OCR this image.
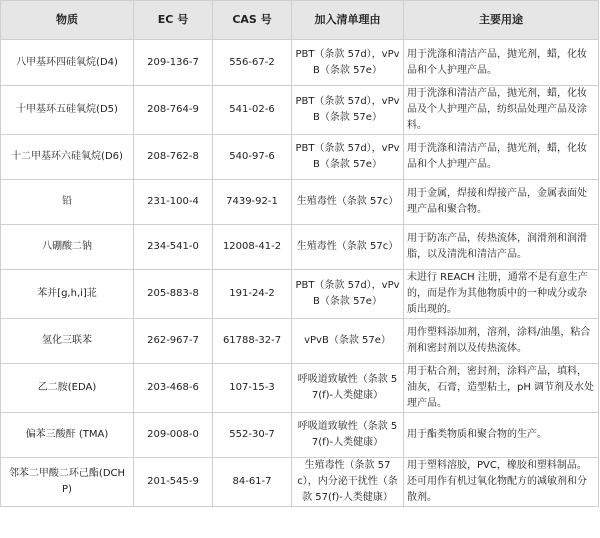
物质	EC 号	CAS 号	加入清单理由	主要用途
八甲基环四硅氧烷(D4)	209-136-7	556-67-2	PBT（条款 57d），vPvB（条款 57e）	用于洗涤和清洁产品，抛光剂，蜡，化妆品和个人护理产品。
十甲基环五硅氧烷(D5)	208-764-9	541-02-6	PBT（条款 57d），vPvB（条款 57e）	用于洗涤和清洁产品，抛光剂，蜡，化妆品及个人护理产品，纺织品处理产品及涂料。
十二甲基环六硅氧烷(D6)	208-762-8	540-97-6	PBT（条款 57d），vPvB（条款 57e）	用于洗涤和清洁产品，抛光剂，蜡，化妆品和个人护理产品。
铅	231-100-4	7439-92-1	生殖毒性（条款 57c）	用于金属，焊接和焊接产品，金属表面处理产品和聚合物。
八硼酸二钠	234-541-0	12008-41-2	生殖毒性（条款 57c）	用于防冻产品，传热流体，润滑剂和润滑脂，以及清洗和清洁产品。
苯并[g,h,i]苝	205-883-8	191-24-2	PBT（条款 57d），vPvB（条款 57e）	未进行 REACH 注册，通常不是有意生产的，而是作为其他物质中的一种成分或杂质出现的。
氢化三联苯	262-967-7	61788-32-7	vPvB（条款 57e）	用作塑料添加剂，溶剂，涂料/油墨，粘合剂和密封剂以及传热流体。
乙二胺(EDA)	203-468-6	107-15-3	呼吸道致敏性（条款 57(f)-人类健康）	用于粘合剂，密封剂，涂料产品，填料，油灰，石膏，造型粘土，pH 调节剂及水处理产品。
偏苯三酸酐 (TMA)	209-008-0	552-30-7	呼吸道致敏性（条款 57(f)-人类健康）	用于酯类物质和聚合物的生产。
邻苯二甲酸二环己酯(DCHP)	201-545-9	84-61-7	生殖毒性（条款 57c），内分泌干扰性（条款 57(f)-人类健康）	用于塑料溶胶，PVC，橡胶和塑料制品。还可用作有机过氧化物配方的减敏剂和分散剂。
